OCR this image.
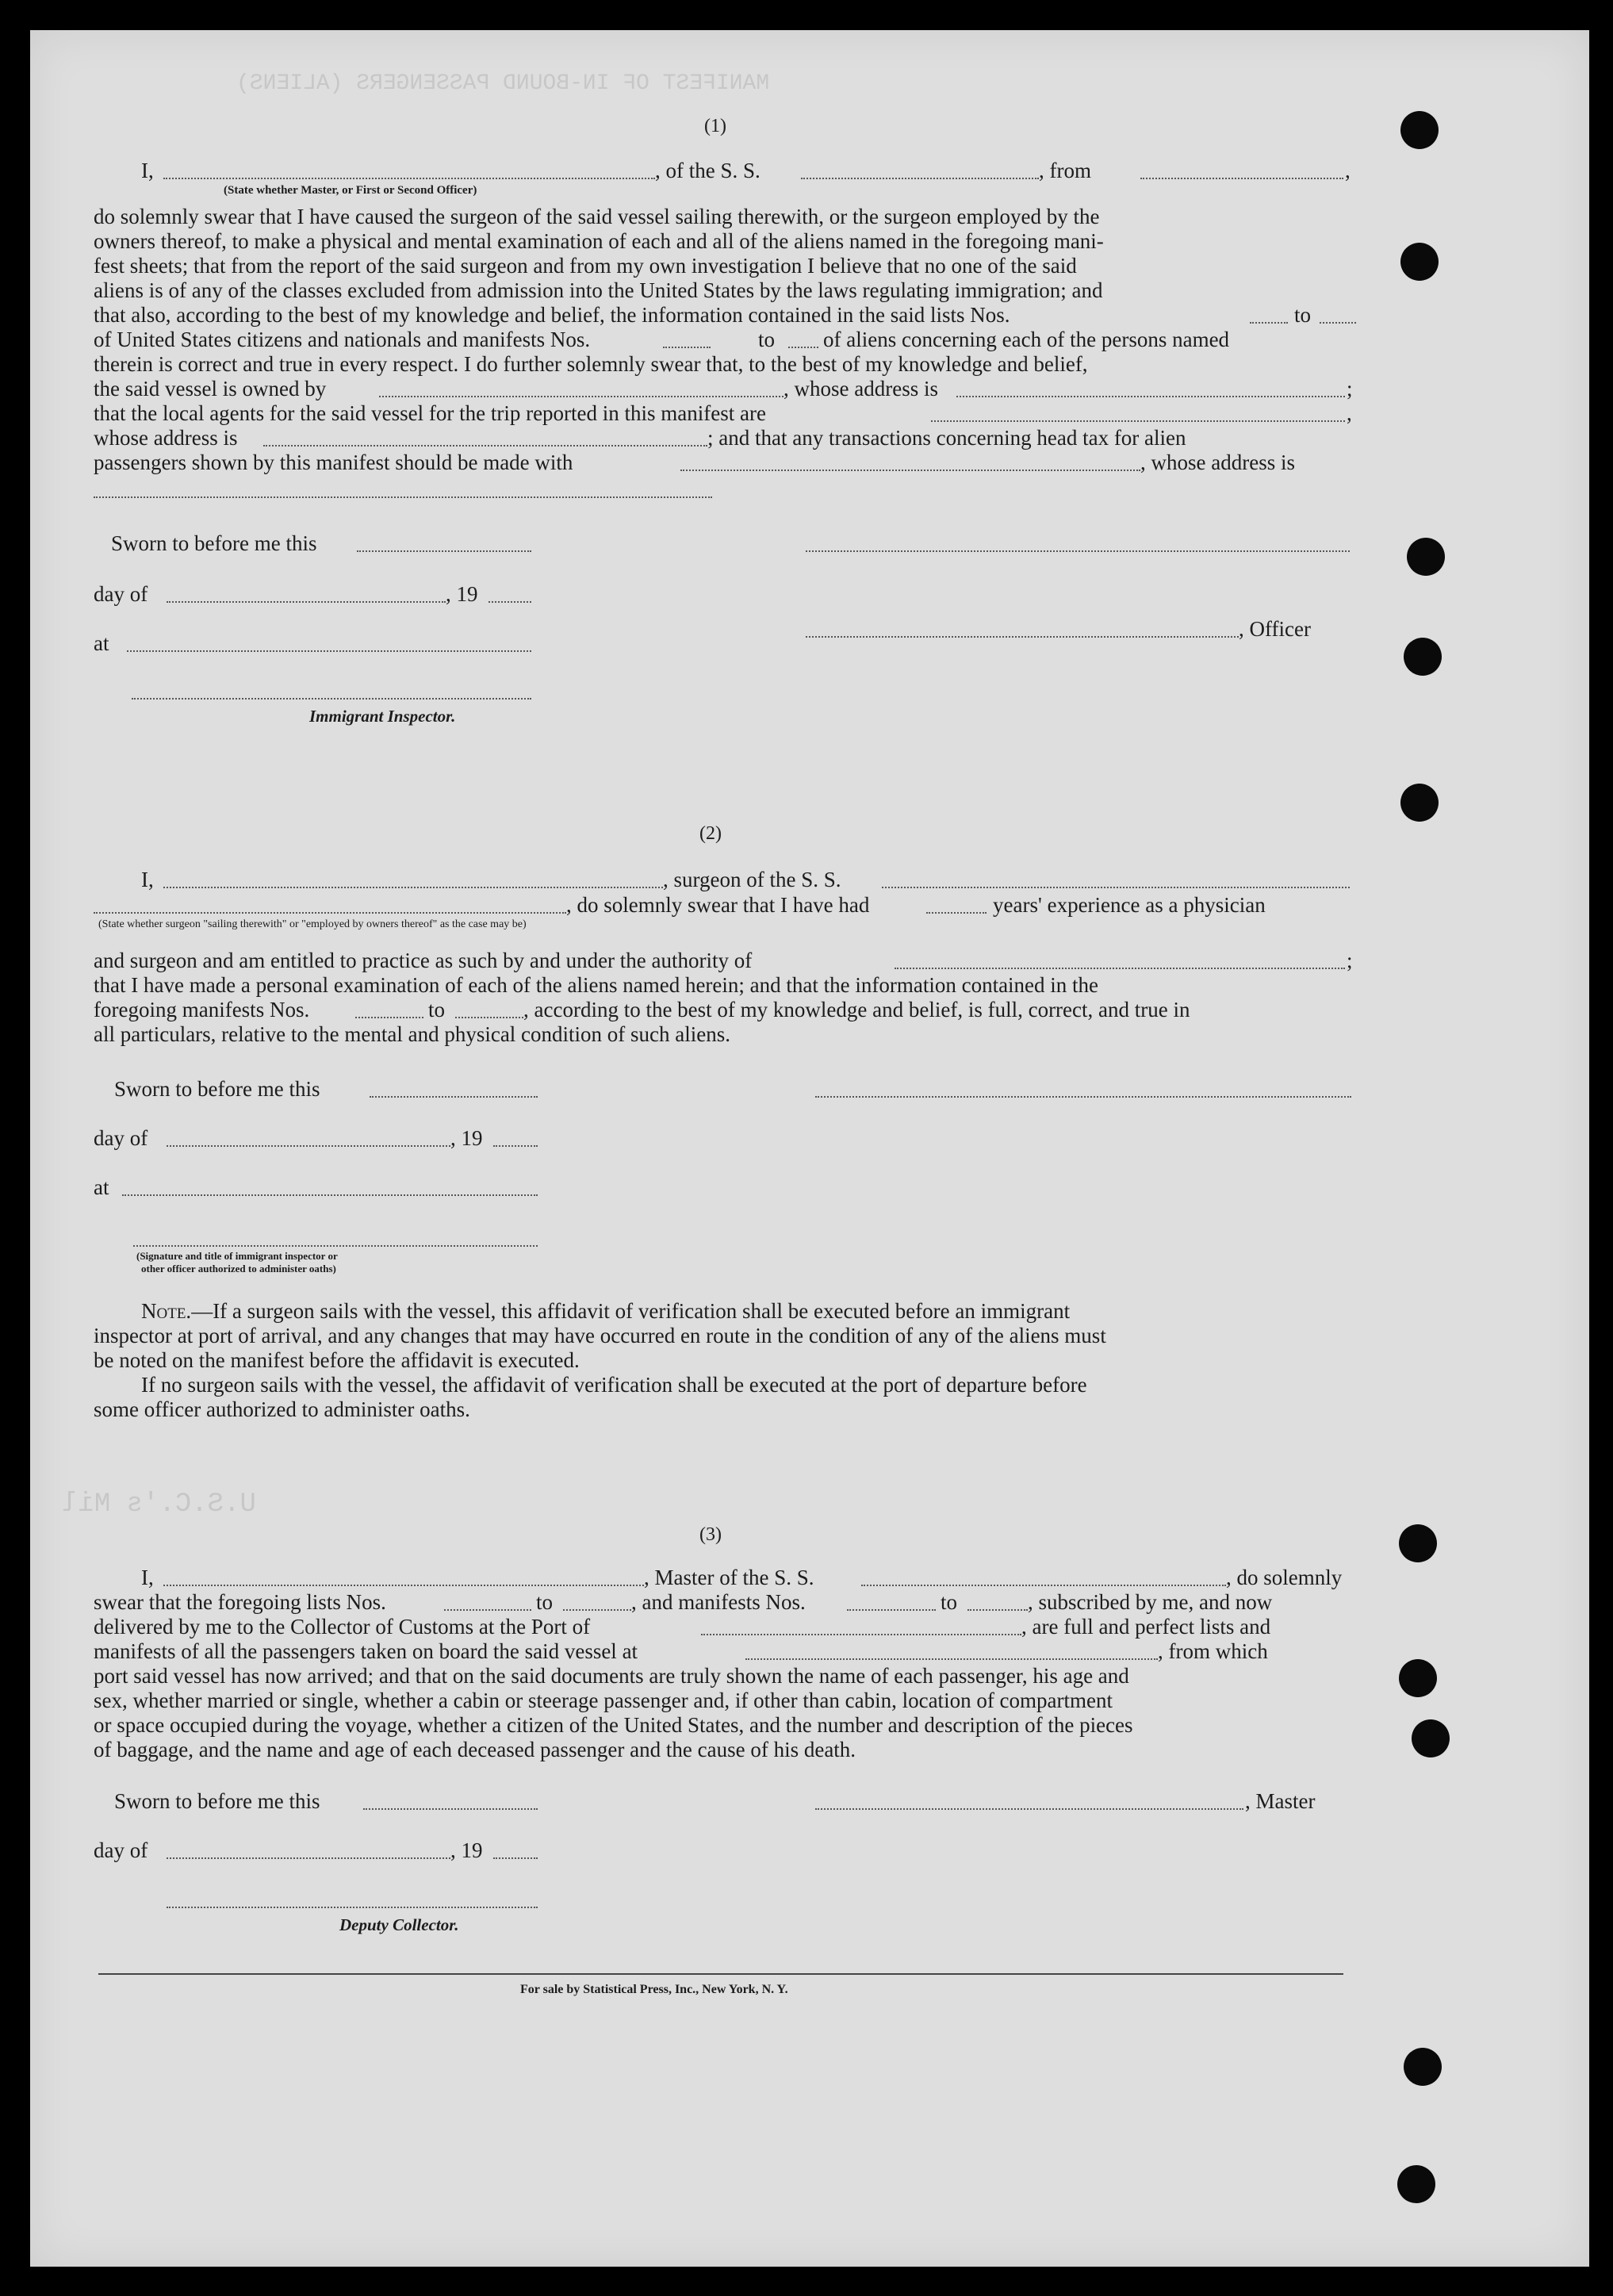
MANIFEST OF IN-BOUND PASSENGERS (ALIENS)
U.S.C.'s Mil
(1)
I,	, of the S. S.	, from	,
(State whether Master, or First or Second Officer)
do solemnly swear that I have caused the surgeon of the said vessel sailing therewith, or the surgeon employed by the
owners thereof, to make a physical and mental examination of each and all of the aliens named in the foregoing mani-
fest sheets; that from the report of the said surgeon and from my own investigation I believe that no one of the said
aliens is of any of the classes excluded from admission into the United States by the laws regulating immigration; and
that also, according to the best of my knowledge and belief, the information contained in the said lists Nos.	to
of United States citizens and nationals and manifests Nos.	to of aliens concerning each of the persons named
therein is correct and true in every respect. I do further solemnly swear that, to the best of my knowledge and belief,
the said vessel is owned by	, whose address is	;
that the local agents for the said vessel for the trip reported in this manifest are	,
whose address is	; and that any transactions concerning head tax for alien
passengers shown by this manifest should be made with	, whose address is
Sworn to before me this
day of	, 19
, Officer
at
Immigrant Inspector.
(2)
I,	, surgeon of the S. S.
, do solemnly swear that I have had	years' experience as a physician
(State whether surgeon "sailing therewith" or "employed by owners thereof" as the case may be)
and surgeon and am entitled to practice as such by and under the authority of	;
that I have made a personal examination of each of the aliens named herein; and that the information contained in the
foregoing manifests Nos.	to	, according to the best of my knowledge and belief, is full, correct, and true in
all particulars, relative to the mental and physical condition of such aliens.
Sworn to before me this
day of	, 19
at
(Signature and title of immigrant inspector or
other officer authorized to administer oaths)
Note.—If a surgeon sails with the vessel, this affidavit of verification shall be executed before an immigrant
inspector at port of arrival, and any changes that may have occurred en route in the condition of any of the aliens must
be noted on the manifest before the affidavit is executed.
If no surgeon sails with the vessel, the affidavit of verification shall be executed at the port of departure before
some officer authorized to administer oaths.
(3)
I,	, Master of the S. S.	, do solemnly
swear that the foregoing lists Nos.	to	, and manifests Nos.	to	, subscribed by me, and now
delivered by me to the Collector of Customs at the Port of	, are full and perfect lists and
manifests of all the passengers taken on board the said vessel at	, from which
port said vessel has now arrived; and that on the said documents are truly shown the name of each passenger, his age and
sex, whether married or single, whether a cabin or steerage passenger and, if other than cabin, location of compartment
or space occupied during the voyage, whether a citizen of the United States, and the number and description of the pieces
of baggage, and the name and age of each deceased passenger and the cause of his death.
Sworn to before me this	, Master
day of	, 19
Deputy Collector.
For sale by Statistical Press, Inc., New York, N. Y.
